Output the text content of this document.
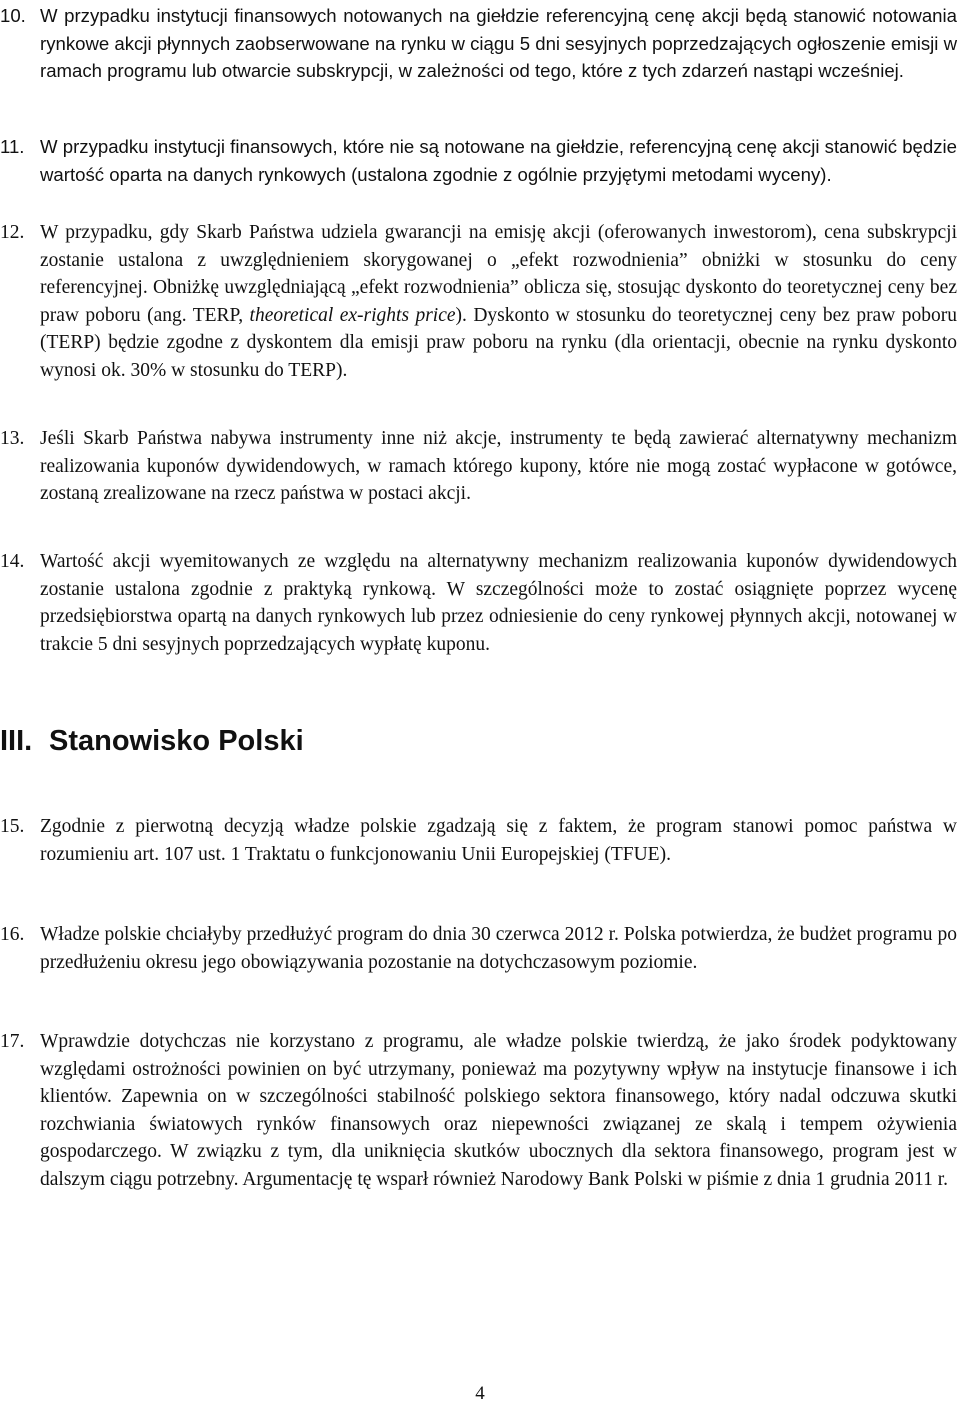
10. W przypadku instytucji finansowych notowanych na giełdzie referencyjną cenę akcji będą stanowić notowania rynkowe akcji płynnych zaobserwowane na rynku w ciągu 5 dni sesyjnych poprzedzających ogłoszenie emisji w ramach programu lub otwarcie subskrypcji, w zależności od tego, które z tych zdarzeń nastąpi wcześniej.
11. W przypadku instytucji finansowych, które nie są notowane na giełdzie, referencyjną cenę akcji stanowić będzie wartość oparta na danych rynkowych (ustalona zgodnie z ogólnie przyjętymi metodami wyceny).
12. W przypadku, gdy Skarb Państwa udziela gwarancji na emisję akcji (oferowanych inwestorom), cena subskrypcji zostanie ustalona z uwzględnieniem skorygowanej o „efekt rozwodnienia” obniżki w stosunku do ceny referencyjnej. Obniżkę uwzględniającą „efekt rozwodnienia” oblicza się, stosując dyskonto do teoretycznej ceny bez praw poboru (ang. TERP, theoretical ex-rights price). Dyskonto w stosunku do teoretycznej ceny bez praw poboru (TERP) będzie zgodne z dyskontem dla emisji praw poboru na rynku (dla orientacji, obecnie na rynku dyskonto wynosi ok. 30% w stosunku do TERP).
13. Jeśli Skarb Państwa nabywa instrumenty inne niż akcje, instrumenty te będą zawierać alternatywny mechanizm realizowania kuponów dywidendowych, w ramach którego kupony, które nie mogą zostać wypłacone w gotówce, zostaną zrealizowane na rzecz państwa w postaci akcji.
14. Wartość akcji wyemitowanych ze względu na alternatywny mechanizm realizowania kuponów dywidendowych zostanie ustalona zgodnie z praktyką rynkową. W szczególności może to zostać osiągnięte poprzez wycenę przedsiębiorstwa opartą na danych rynkowych lub przez odniesienie do ceny rynkowej płynnych akcji, notowanej w trakcie 5 dni sesyjnych poprzedzających wypłatę kuponu.
III. Stanowisko Polski
15. Zgodnie z pierwotną decyzją władze polskie zgadzają się z faktem, że program stanowi pomoc państwa w rozumieniu art. 107 ust. 1 Traktatu o funkcjonowaniu Unii Europejskiej (TFUE).
16. Władze polskie chciałyby przedłużyć program do dnia 30 czerwca 2012 r. Polska potwierdza, że budżet programu po przedłużeniu okresu jego obowiązywania pozostanie na dotychczasowym poziomie.
17. Wprawdzie dotychczas nie korzystano z programu, ale władze polskie twierdzą, że jako środek podyktowany względami ostrożności powinien on być utrzymany, ponieważ ma pozytywny wpływ na instytucje finansowe i ich klientów. Zapewnia on w szczególności stabilność polskiego sektora finansowego, który nadal odczuwa skutki rozchwiania światowych rynków finansowych oraz niepewności związanej ze skalą i tempem ożywienia gospodarczego. W związku z tym, dla uniknięcia skutków ubocznych dla sektora finansowego, program jest w dalszym ciągu potrzebny. Argumentację tę wsparł również Narodowy Bank Polski w piśmie z dnia 1 grudnia 2011 r.
4
